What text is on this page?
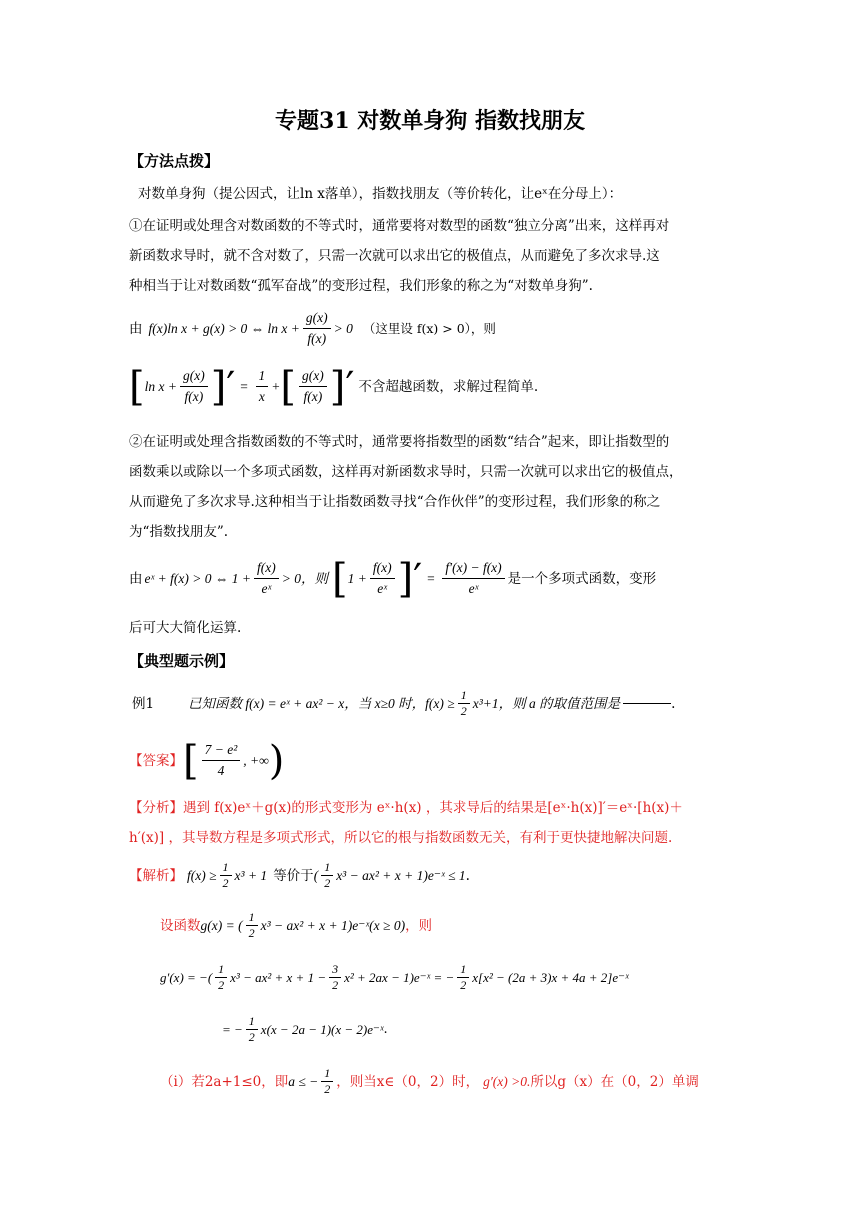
专题31 对数单身狗 指数找朋友
【方法点拨】
对数单身狗（提公因式，让ln x落单），指数找朋友（等价转化，让eˣ在分母上）：
①在证明或处理含对数函数的不等式时，通常要将对数型的函数“独立分离”出来，这样再对
新函数求导时，就不含对数了，只需一次就可以求出它的极值点，从而避免了多次求导.这
种相当于让对数函数“孤军奋战”的变形过程，我们形象的称之为“对数单身狗”.
由 f(x)ln x + g(x) > 0 ⇔ $\ln x + \frac{g(x)}{f(x)} > 0$ （这里设 f(x) > 0），则
[ $\ln x + \frac{g(x)}{f(x)}$ ]′ = $\frac{1}{x}$ + [ $\frac{g(x)}{f(x)}$ ]′ 不含超越函数，求解过程简单.
②在证明或处理含指数函数的不等式时，通常要将指数型的函数“结合”起来，即让指数型的
函数乘以或除以一个多项式函数，这样再对新函数求导时，只需一次就可以求出它的极值点，
从而避免了多次求导.这种相当于让指数函数寻找“合作伙伴”的变形过程，我们形象的称之
为“指数找朋友”.
由 eˣ + f(x) > 0 ⇔ $1 + \frac{f(x)}{\text{eˣ}} > 0$，则 [ $1 + \frac{f(x)}{\text{eˣ}}$ ]′ = $\frac{f'(x) - f(x)}{\text{eˣ}}$ 是一个多项式函数，变形
后可大大简化运算.
【典型题示例】
例1	已知函数 f(x) = eˣ + ax² − x，当 x≥0 时，$f(x) \ge \frac{1}{2} x^3+1$，则 a 的取值范围是	.
【答案】 [ $\frac{\text{7 − e²}}{4}$ , +∞ )
【分析】遇到 f(x)eˣ＋g(x)的形式变形为 eˣ·h(x) ，其求导后的结果是[eˣ·h(x)]′＝eˣ·[h(x)＋
h′(x)] ，其导数方程是多项式形式，所以它的根与指数函数无关，有利于更快捷地解决问题.
【解析】 $f(x) \ge \frac{1}{2} x^3 + 1$ 等价于 ( $\frac{1}{2} x^3 - ax^2 + x$ + 1)e⁻ˣ ≤ 1 .
设函数 g(x) = ( $\frac{1}{2} x^3 - ax^2 + x$ + 1)e⁻ˣ(x ≥ 0) ，则
g′(x) = −( $\frac{1}{2} x^3 - ax^2 + x + 1 - \frac{3}{2} x^2 + 2ax$ − 1)e⁻ˣ = − $\frac{1}{2} x[x^2 - (2a + 3)x + 4a$ + 2]e⁻ˣ
= − $\frac{1}{2} x(x - 2a - 1)(x$ − 2)e⁻ˣ .
（i）若2a+1≤0，即 a ≤ − $\frac{1}{2}$ ，则当x∈（0，2）时， g′(x) >0. 所以g（x）在（0，2）单调
